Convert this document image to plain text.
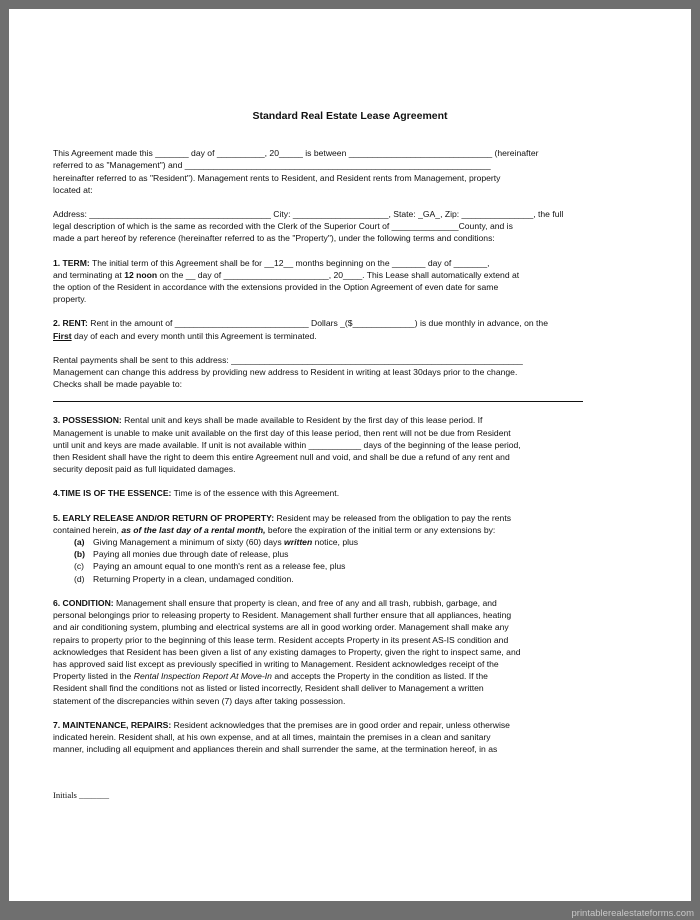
Standard Real Estate Lease Agreement

This Agreement made this _______ day of __________, 20_____ is between ______________________________ (hereinafter

referred to as "Management") and ________________________________________________________________

hereinafter referred to as "Resident"). Management rents to Resident, and Resident rents from Management, property

located at:

Address: ______________________________________ City: ____________________, State: _GA_, Zip: _______________, the full

legal description of which is the same as recorded with the Clerk of the Superior Court of ______________County, and is

made a part hereof by reference (hereinafter referred to as the "Property"), under the following terms and conditions:

1. TERM: The initial term of this Agreement shall be for __12__ months beginning on the _______ day of _______,

and terminating at 12 noon on the __ day of ______________________, 20____. This Lease shall automatically extend at

the option of the Resident in accordance with the extensions provided in the Option Agreement of even date for same

property.

2. RENT: Rent in the amount of ____________________________ Dollars _($_____________) is due monthly in advance, on the

First day of each and every month until this Agreement is terminated.

Rental payments shall be sent to this address: _____________________________________________________________

Management can change this address by providing new address to Resident in writing at least 30days prior to the change.

Checks shall be made payable to:

3. POSSESSION: Rental unit and keys shall be made available to Resident by the first day of this lease period. If

Management is unable to make unit available on the first day of this lease period, then rent will not be due from Resident

until unit and keys are made available. If unit is not available within ___________ days of the beginning of the lease period,

then Resident shall have the right to deem this entire Agreement null and void, and shall be due a refund of any rent and

security deposit paid as full liquidated damages.

4.TIME IS OF THE ESSENCE: Time is of the essence with this Agreement.

5. EARLY RELEASE AND/OR RETURN OF PROPERTY: Resident may be released from the obligation to pay the rents

contained herein, as of the last day of a rental month, before the expiration of the initial term or any extensions by:

(a) Giving Management a minimum of sixty (60) days written notice, plus
(b) Paying all monies due through date of release, plus
(c)	Paying an amount equal to one month's rent as a release fee, plus
(d) Returning Property in a clean, undamaged condition.

6. CONDITION: Management shall ensure that property is clean, and free of any and all trash, rubbish, garbage, and

personal belongings prior to releasing property to Resident. Management shall further ensure that all appliances, heating

and air conditioning system, plumbing and electrical systems are all in good working order. Management shall make any

repairs to property prior to the beginning of this lease term. Resident accepts Property in its present AS-IS condition and

acknowledges that Resident has been given a list of any existing damages to Property, given the right to inspect same, and

has approved said list except as previously specified in writing to Management. Resident acknowledges receipt of the

Property listed in the Rental Inspection Report At Move-In and accepts the Property in the condition as listed. If the

Resident shall find the conditions not as listed or listed incorrectly, Resident shall deliver to Management a written

statement of the discrepancies within seven (7) days after taking possession.

7. MAINTENANCE, REPAIRS: Resident acknowledges that the premises are in good order and repair, unless otherwise

indicated herein. Resident shall, at his own expense, and at all times, maintain the premises in a clean and sanitary

manner, including all equipment and appliances therein and shall surrender the same, at the termination hereof, in as

Initials _______
printablerealestateforms.com
